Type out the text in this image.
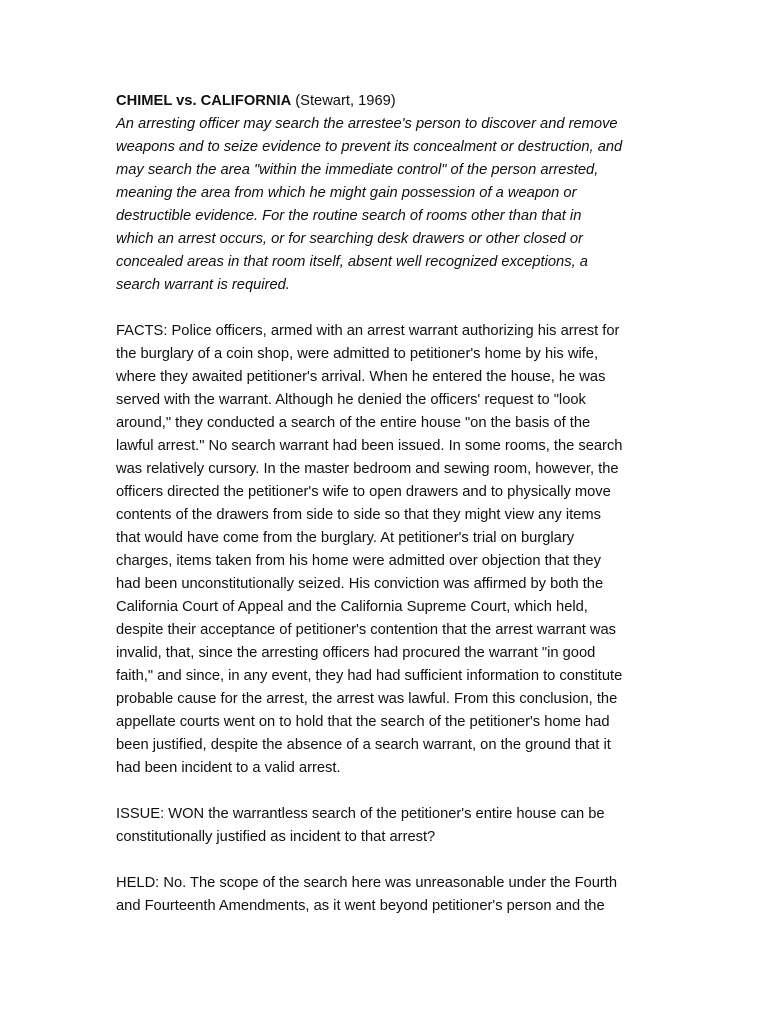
CHIMEL vs. CALIFORNIA (Stewart, 1969)
An arresting officer may search the arrestee's person to discover and remove
weapons and to seize evidence to prevent its concealment or destruction, and
may search the area "within the immediate control" of the person arrested,
meaning the area from which he might gain possession of a weapon or
destructible evidence. For the routine search of rooms other than that in
which an arrest occurs, or for searching desk drawers or other closed or
concealed areas in that room itself, absent well recognized exceptions, a
search warrant is required.
FACTS: Police officers, armed with an arrest warrant authorizing his arrest for
the burglary of a coin shop, were admitted to petitioner's home by his wife,
where they awaited petitioner's arrival. When he entered the house, he was
served with the warrant. Although he denied the officers' request to "look
around," they conducted a search of the entire house "on the basis of the
lawful arrest." No search warrant had been issued. In some rooms, the search
was relatively cursory. In the master bedroom and sewing room, however, the
officers directed the petitioner's wife to open drawers and to physically move
contents of the drawers from side to side so that they might view any items
that would have come from the burglary. At petitioner's trial on burglary
charges, items taken from his home were admitted over objection that they
had been unconstitutionally seized. His conviction was affirmed by both the
California Court of Appeal and the California Supreme Court, which held,
despite their acceptance of petitioner's contention that the arrest warrant was
invalid, that, since the arresting officers had procured the warrant "in good
faith," and since, in any event, they had had sufficient information to constitute
probable cause for the arrest, the arrest was lawful. From this conclusion, the
appellate courts went on to hold that the search of the petitioner's home had
been justified, despite the absence of a search warrant, on the ground that it
had been incident to a valid arrest.
ISSUE: WON the warrantless search of the petitioner's entire house can be
constitutionally justified as incident to that arrest?
HELD: No. The scope of the search here was unreasonable under the Fourth
and Fourteenth Amendments, as it went beyond petitioner's person and the
